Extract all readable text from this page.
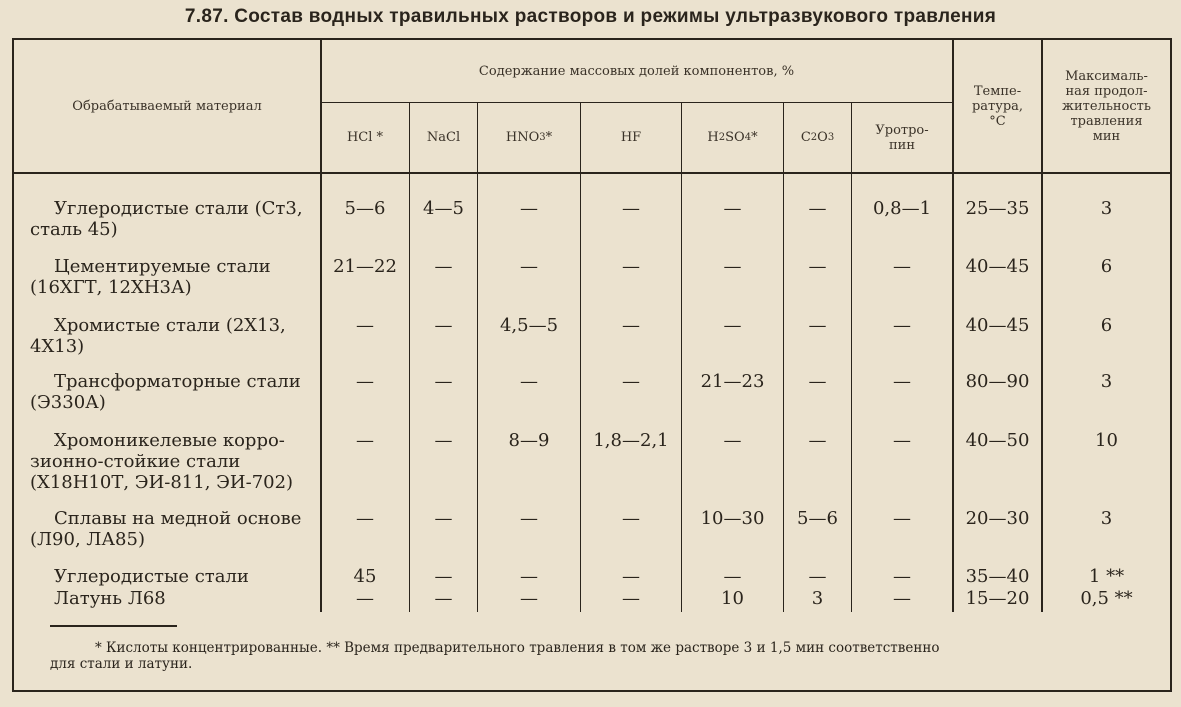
7.87. Состав водных травильных растворов и режимы ультразвукового травления
Обрабатываемый материал
Содержание массовых долей компонентов, %
Темпе-
ратура,
°С
Максималь-
ная продол-
жительность
травления
мин
HCl *	NaCl	HNO 3 *	HF	H 2 SO 4 *	C 2 O 3	Уротро-
пин
Углеродистые стали (Ст3,
сталь 45)
5—6	4—5	—	—	—	—	0,8—1	25—35	3
Цементируемые стали
(16ХГТ, 12ХН3А)
21—22	—	—	—	—	—	—	40—45	6
Хромистые стали (2Х13,
4Х13)
—	—	4,5—5	—	—	—	—	40—45	6
Трансформаторные стали
(Э330А)
—	—	—	—	21—23	—	—	80—90	3
Хромоникелевые корро-
зионно-стойкие стали
(Х18Н10Т, ЭИ-811, ЭИ-702)
—	—	8—9	1,8—2,1	—	—	—	40—50	10
Сплавы на медной основе
(Л90, ЛА85)
—	—	—	—	10—30	5—6	—	20—30	3
Углеродистые стали	45	—	—	—	—	—	—	35—40	1 **
Латунь Л68	—	—	—	—	10	3	—	15—20	0,5 **
* Кислоты концентрированные. ** Время предварительного травления в том же растворе 3 и 1,5 мин соответственно
для стали и латуни.
